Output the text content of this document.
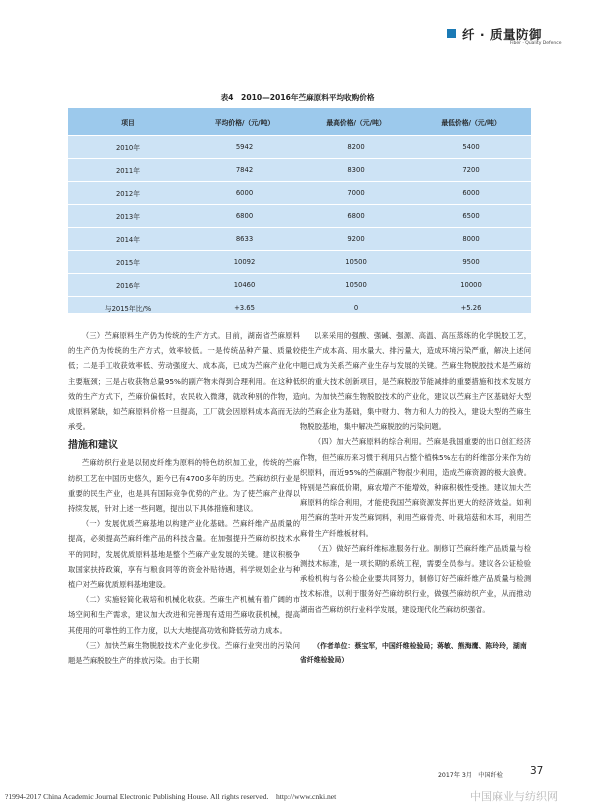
纤 · 质量防御
Fiber · Quality Defence
表4　2010—2016年苎麻原料平均收购价格
项目	平均价格/（元/吨）	最高价格/（元/吨）	最低价格/（元/吨）
2010年	5942	8200	5400
2011年	7842	8300	7200
2012年	6000	7000	6000
2013年	6800	6800	6500
2014年	8633	9200	8000
2015年	10092	10500	9500
2016年	10460	10500	10000
与2015年比/%	+3.65	0	+5.26

（三）苎麻原料生产仍为传统的生产方式。目前，湖南省苎麻原料的生产仍为传统的生产方式，效率较低。一是传统品种产量、质量较低；二是手工收获效率低、劳动强度大、成本高，已成为苎麻产业化中主要瓶颈；三是占收获物总量95%的副产物未得到合理利用。在这种低效的生产方式下，苎麻价偏低时，农民收入微薄，就改种别的作物，造成原料紧缺，如苎麻原料价格一旦提高，工厂就会因原料成本高而无法承受。

措施和建议

苎麻纺织行业是以韧皮纤维为原料的特色纺织加工业，传统的苎麻纺织工艺在中国历史悠久，距今已有4700多年的历史。苎麻纺织行业是重要的民生产业，也是具有国际竞争优势的产业。为了使苎麻产业得以持续发展，针对上述一些问题，提出以下具体措施和建议。

（一）发展优质苎麻基地以构建产业化基础。苎麻纤维产品质量的提高，必须提高苎麻纤维产品的科技含量。在加强提升苎麻纺织技术水平的同时，发展优质原料基地是整个苎麻产业发展的关键。建议积极争取国家扶持政策，享有与粮食同等的资金补贴待遇，科学规划企业与种植户对苎麻优质原料基地建设。

（二）实施轻简化栽培和机械化收获。苎麻生产机械有着广阔的市场空间和生产需求，建议加大改进和完善现有适用苎麻收获机械，提高其使用的可靠性的工作力度，以大大地提高功效和降低劳动力成本。

（三）加快苎麻生物脱胶技术产业化步伐。苎麻行业突出的污染问题是苎麻脱胶生产的排放污染。由于长期

以来采用的强酸、强碱、强源、高温、高压蒸练的化学脱胶工艺，使生产成本高、用水量大、排污量大，造成环境污染严重，解决上述问题已成为关系苎麻产业生存与发展的关键。苎麻生物脱胶技术是苎麻纺织的重大技术创新项目，是苎麻脱胶节能减排的重要措施和技术发展方向。为加快苎麻生物脱胶技术的产业化，建议以苎麻主产区基础好大型的苎麻企业为基础，集中财力、物力和人力的投入，建设大型的苎麻生物脱胶基地，集中解决苎麻脱胶的污染问题。

（四）加大苎麻原料的综合利用。苎麻是我国重要的出口创汇经济作物，但苎麻历来习惯于利用只占整个植株5%左右的纤维部分来作为纺织原料，而近95%的苎麻副产物很少利用，造成苎麻资源的极大浪费。特别是苎麻低价期，麻农增产不能增效，种麻积极性受挫。建议加大苎麻原料的综合利用，才能使我国苎麻资源发挥出更大的经济效益。如利用苎麻的茎叶开发苎麻饲料，利用苎麻骨壳、叶栽培菇和木耳，利用苎麻骨生产纤维板材料。

（五）做好苎麻纤维标准服务行业。制修订苎麻纤维产品质量与检测技术标准，是一项长期的系统工程，需要全员参与。建议各公证检验承检机构与各公检企业要共同努力，制修订好苎麻纤维产品质量与检测技术标准，以利于服务好苎麻纺织行业，做强苎麻纺织产业，从而推动湖南省苎麻纺织行业科学发展，建设现代化苎麻纺织强省。

（作者单位：蔡宝军，中国纤维检验局；蒋敏、熊海鹰、陈玲玲，湖南省纤维检验局）

2017年 3月　中国纤检	37
?1994-2017 China Academic Journal Electronic Publishing House. All rights reserved.　http://www.cnki.net	中国麻业与纺织网
